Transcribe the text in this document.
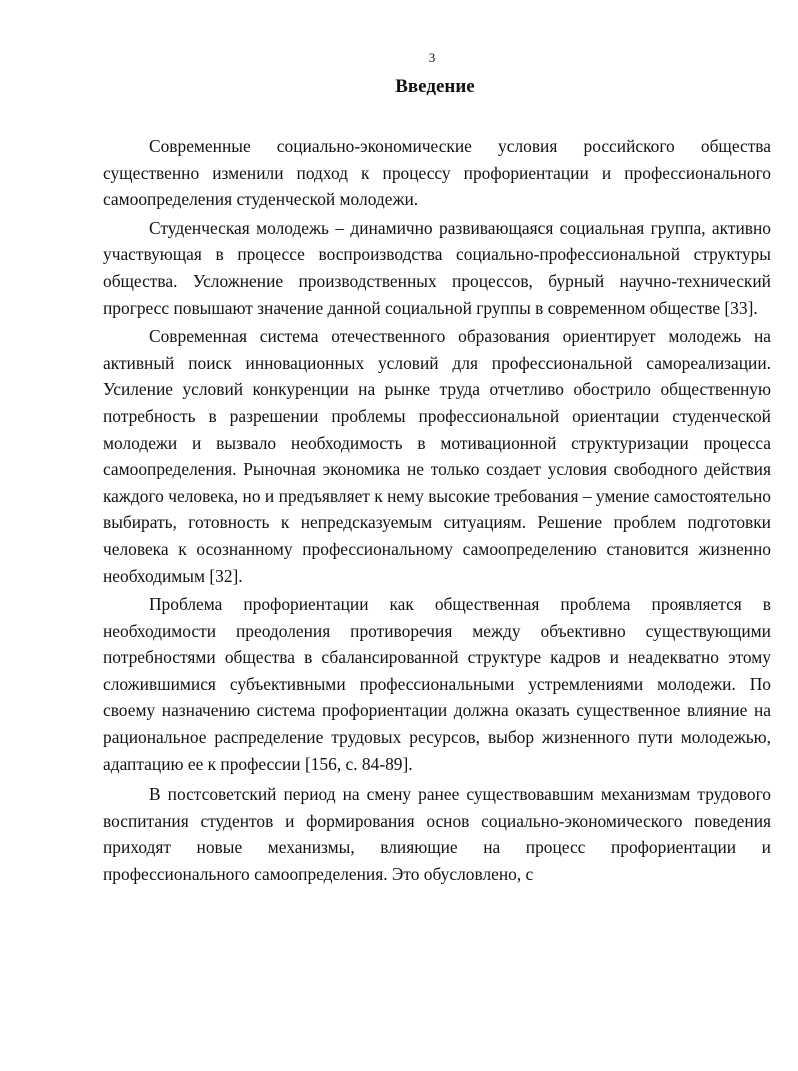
3
Введение

Современные социально-экономические условия российского общества существенно изменили подход к процессу профориентации и профессионального самоопределения студенческой молодежи.

Студенческая молодежь – динамично развивающаяся социальная группа, активно участвующая в процессе воспроизводства социально-профессиональной структуры общества. Усложнение производственных процессов, бурный научно-технический прогресс повышают значение данной социальной группы в современном обществе [33].

Современная система отечественного образования ориентирует молодежь на активный поиск инновационных условий для профессиональной самореализации. Усиление условий конкуренции на рынке труда отчетливо обострило общественную потребность в разрешении проблемы профессиональной ориентации студенческой молодежи и вызвало необходимость в мотивационной структуризации процесса самоопределения. Рыночная экономика не только создает условия свободного действия каждого человека, но и предъявляет к нему высокие требования – умение самостоятельно выбирать, готовность к непредсказуемым ситуациям. Решение проблем подготовки человека к осознанному профессиональному самоопределению становится жизненно необходимым [32].

Проблема профориентации как общественная проблема проявляется в необходимости преодоления противоречия между объективно существующими потребностями общества в сбалансированной структуре кадров и неадекватно этому сложившимися субъективными профессиональными устремлениями молодежи. По своему назначению система профориентации должна оказать существенное влияние на рациональное распределение трудовых ресурсов, выбор жизненного пути молодежью, адаптацию ее к профессии [156, с. 84-89].

В постсоветский период на смену ранее существовавшим механизмам трудового воспитания студентов и формирования основ социально-экономического поведения приходят новые механизмы, влияющие на процесс профориентации и профессионального самоопределения. Это обусловлено, с
